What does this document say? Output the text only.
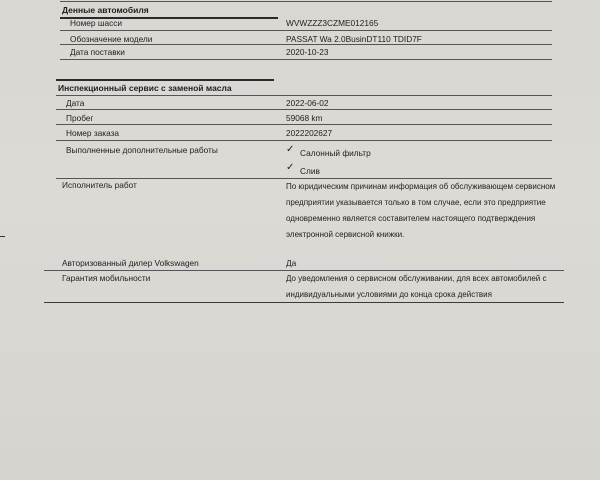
Денные автомобиля
Номер шасси	WVWZZZ3CZME012165
Обозначение модели	PASSAT Wa 2.0BusinDT110 TDID7F
Дата поставки	2020-10-23
Инспекционный сервис с заменой масла
Дата	2022-06-02
Пробег	59068 km
Номер заказа	2022202627
Выполненные дополнительные работы	✓ Салонный фильтр
✓ Слив
Исполнитель работ	По юридическим причинам информация об обслуживающем сервисном предприятии указывается только в том случае, если это предприятие одновременно является составителем настоящего подтверждения электронной сервисной книжки.
Авторизованный дилер Volkswagen	Да
Гарантия мобильности	До уведомления о сервисном обслуживании, для всех автомобилей с индивидуальными условиями до конца срока действия
